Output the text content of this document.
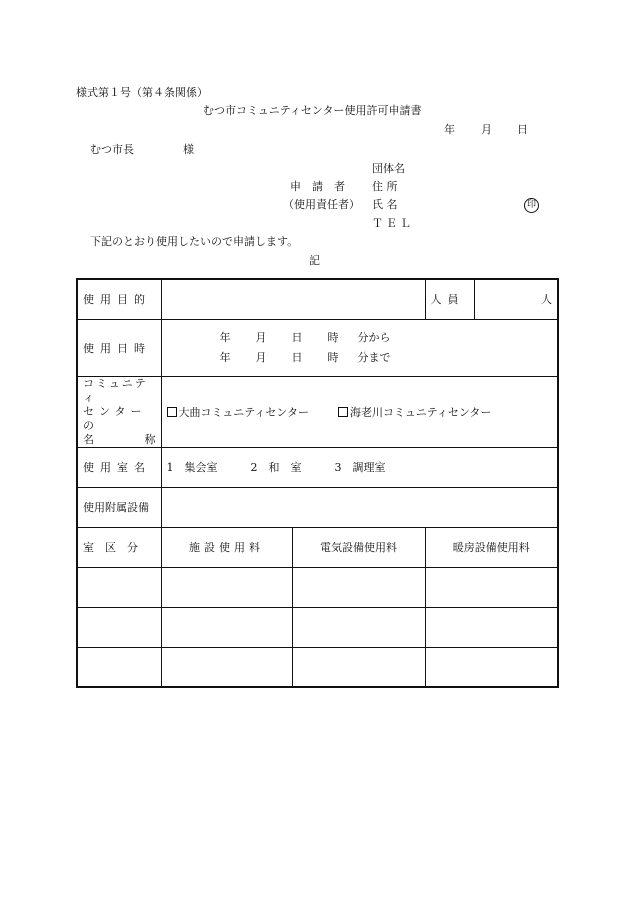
様式第１号（第４条関係）
むつ市コミュニティセンター使用許可申請書
年 月 日
むつ市長	様
団体名
申　請　者 住 所
（使用責任者） 氏 名	印
ＴＥＬ
下記のとおり使用したいので申請します。
記
使用目的			人員	人
使用日時	年 月 日 時 分から
年 月 日 時 分まで			

コミュニティ
センターの
名 称	大曲コミュニティセンター 海老川コミュニティセンター			
使用室名	1　集会室　　　2　和　室　　　3　調理室			
使用附属設備				
室　区　分	施設使用料	電気設備使用料	暖房設備使用料	
